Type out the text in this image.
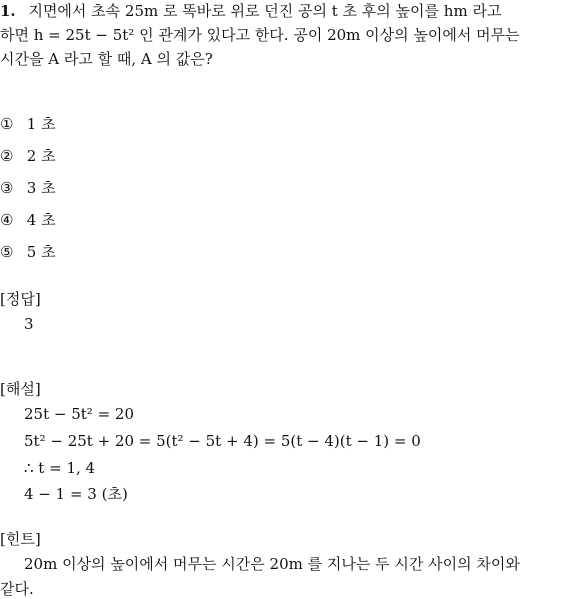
1. 지면에서 초속 25m 로 똑바로 위로 던진 공의 t 초 후의 높이를 hm 라고
하면 h = 25t − 5t² 인 관계가 있다고 한다. 공이 20m 이상의 높이에서 머무는
시간을 A 라고 할 때, A 의 값은?
① 1 초
② 2 초
③ 3 초
④ 4 초
⑤ 5 초
[정답]
3
[해설]
25t − 5t² = 20
5t² − 25t + 20 = 5(t² − 5t + 4) = 5(t − 4)(t − 1) = 0
∴ t = 1, 4
4 − 1 = 3 (초)
[힌트]
20m 이상의 높이에서 머무는 시간은 20m 를 지나는 두 시간 사이의 차이와
같다.
